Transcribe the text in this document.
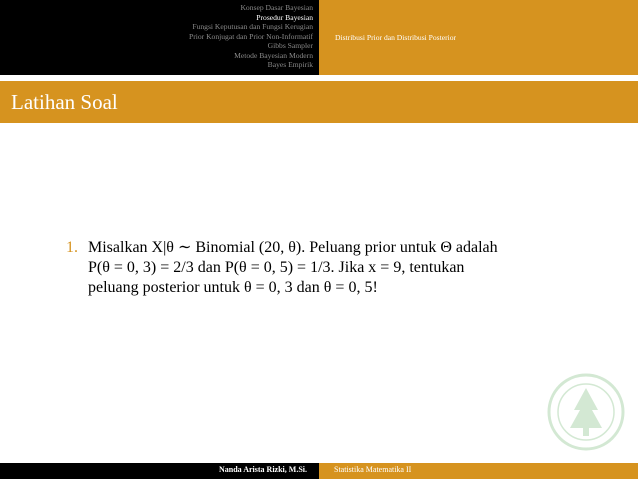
Konsep Dasar Bayesian
Prosedur Bayesian
Fungsi Keputusan dan Fungsi Kerugian
Prior Konjugat dan Prior Non-Informatif
Gibbs Sampler
Metode Bayesian Modern
Bayes Empirik
Distribusi Prior dan Distribusi Posterior
Latihan Soal
1. Misalkan X|θ ∼ Binomial (20, θ). Peluang prior untuk Θ adalah

P(θ = 0, 3) = 2/3 dan P(θ = 0, 5) = 1/3. Jika x = 9, tentukan

peluang posterior untuk θ = 0, 3 dan θ = 0, 5!

Nanda Arista Rizki, M.Si.	Statistika Matematika II
